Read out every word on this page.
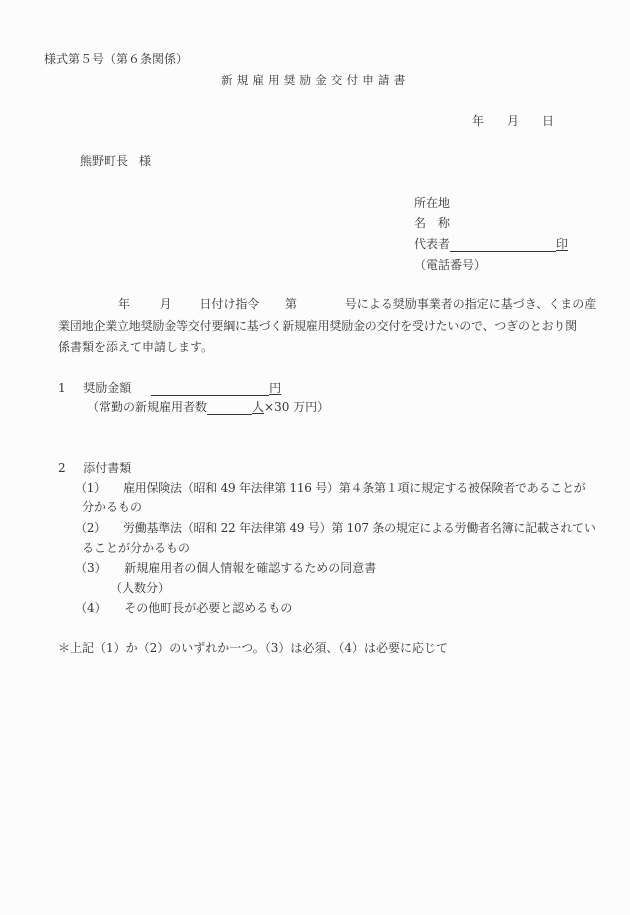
様式第５号（第６条関係）
新規雇用奨励金交付申請書
年 月 日
熊野町長 様
所在地
名　称
代表者	印
（電話番号）
年 月 日付け指令 第	号による奨励事業者の指定に基づき、くまの産
業団地企業立地奨励金等交付要綱に基づく新規雇用奨励金の交付を受けたいので、つぎのとおり関
係書類を添えて申請します。
1 奨励金額	円
（常勤の新規雇用者数	人×30 万円）
2 添付書類
（1） 雇用保険法（昭和 49 年法律第 116 号）第４条第１項に規定する被保険者であることが
分かるもの
（2） 労働基準法（昭和 22 年法律第 49 号）第 107 条の規定による労働者名簿に記載されてい
ることが分かるもの
（3） 新規雇用者の個人情報を確認するための同意書
（人数分）
（4） その他町長が必要と認めるもの
＊上記（1）か（2）のいずれか一つ。（3）は必須、（4）は必要に応じて
